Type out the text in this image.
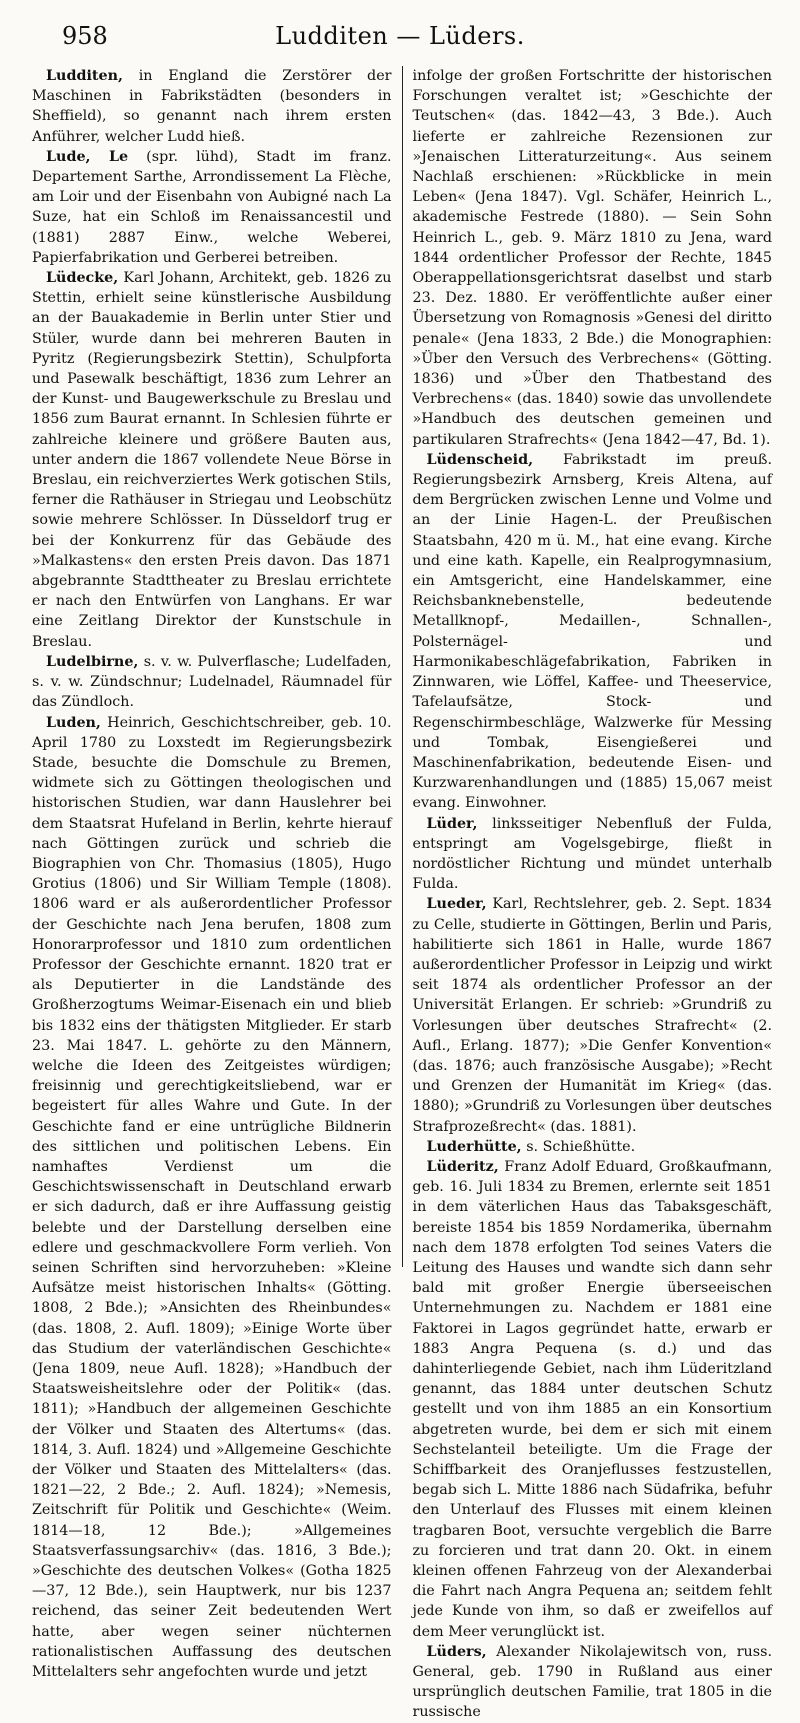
958	Ludditen — Lüders.

Ludditen, in England die Zerstörer der Maschinen in Fabrikstädten (besonders in Sheffield), so genannt nach ihrem ersten Anführer, welcher Ludd hieß.

Lude, Le (spr. lühd), Stadt im franz. Departement Sarthe, Arrondissement La Flèche, am Loir und der Eisenbahn von Aubigné nach La Suze, hat ein Schloß im Renaissancestil und (1881) 2887 Einw., welche Weberei, Papierfabrikation und Gerberei betreiben.

Lüdecke, Karl Johann, Architekt, geb. 1826 zu Stettin, erhielt seine künstlerische Ausbildung an der Bauakademie in Berlin unter Stier und Stüler, wurde dann bei mehreren Bauten in Pyritz (Regierungsbezirk Stettin), Schulpforta und Pasewalk beschäftigt, 1836 zum Lehrer an der Kunst- und Baugewerkschule zu Breslau und 1856 zum Baurat ernannt. In Schlesien führte er zahlreiche kleinere und größere Bauten aus, unter andern die 1867 vollendete Neue Börse in Breslau, ein reichverziertes Werk gotischen Stils, ferner die Rathäuser in Striegau und Leobschütz sowie mehrere Schlösser. In Düsseldorf trug er bei der Konkurrenz für das Gebäude des »Malkastens« den ersten Preis davon. Das 1871 abgebrannte Stadttheater zu Breslau errichtete er nach den Entwürfen von Langhans. Er war eine Zeitlang Direktor der Kunstschule in Breslau.

Ludelbirne, s. v. w. Pulverflasche; Ludelfaden, s. v. w. Zündschnur; Ludelnadel, Räumnadel für das Zündloch.

Luden, Heinrich, Geschichtschreiber, geb. 10. April 1780 zu Loxstedt im Regierungsbezirk Stade, besuchte die Domschule zu Bremen, widmete sich zu Göttingen theologischen und historischen Studien, war dann Hauslehrer bei dem Staatsrat Hufeland in Berlin, kehrte hierauf nach Göttingen zurück und schrieb die Biographien von Chr. Thomasius (1805), Hugo Grotius (1806) und Sir William Temple (1808). 1806 ward er als außerordentlicher Professor der Geschichte nach Jena berufen, 1808 zum Honorarprofessor und 1810 zum ordentlichen Professor der Geschichte ernannt. 1820 trat er als Deputierter in die Landstände des Großherzogtums Weimar-Eisenach ein und blieb bis 1832 eins der thätigsten Mitglieder. Er starb 23. Mai 1847. L. gehörte zu den Männern, welche die Ideen des Zeitgeistes würdigen; freisinnig und gerechtigkeitsliebend, war er begeistert für alles Wahre und Gute. In der Geschichte fand er eine untrügliche Bildnerin des sittlichen und politischen Lebens. Ein namhaftes Verdienst um die Geschichtswissenschaft in Deutschland erwarb er sich dadurch, daß er ihre Auffassung geistig belebte und der Darstellung derselben eine edlere und geschmackvollere Form verlieh. Von seinen Schriften sind hervorzuheben: »Kleine Aufsätze meist historischen Inhalts« (Götting. 1808, 2 Bde.); »Ansichten des Rheinbundes« (das. 1808, 2. Aufl. 1809); »Einige Worte über das Studium der vaterländischen Geschichte« (Jena 1809, neue Aufl. 1828); »Handbuch der Staatsweisheitslehre oder der Politik« (das. 1811); »Handbuch der allgemeinen Geschichte der Völker und Staaten des Altertums« (das. 1814, 3. Aufl. 1824) und »Allgemeine Geschichte der Völker und Staaten des Mittelalters« (das. 1821—22, 2 Bde.; 2. Aufl. 1824); »Nemesis, Zeitschrift für Politik und Geschichte« (Weim. 1814—18, 12 Bde.); »Allgemeines Staatsverfassungsarchiv« (das. 1816, 3 Bde.); »Geschichte des deutschen Volkes« (Gotha 1825—37, 12 Bde.), sein Hauptwerk, nur bis 1237 reichend, das seiner Zeit bedeutenden Wert hatte, aber wegen seiner nüchternen rationalistischen Auffassung des deutschen Mittelalters sehr angefochten wurde und jetzt

infolge der großen Fortschritte der historischen Forschungen veraltet ist; »Geschichte der Teutschen« (das. 1842—43, 3 Bde.). Auch lieferte er zahlreiche Rezensionen zur »Jenaischen Litteraturzeitung«. Aus seinem Nachlaß erschienen: »Rückblicke in mein Leben« (Jena 1847). Vgl. Schäfer, Heinrich L., akademische Festrede (1880). — Sein Sohn Heinrich L., geb. 9. März 1810 zu Jena, ward 1844 ordentlicher Professor der Rechte, 1845 Oberappellationsgerichtsrat daselbst und starb 23. Dez. 1880. Er veröffentlichte außer einer Übersetzung von Romagnosis »Genesi del diritto penale« (Jena 1833, 2 Bde.) die Monographien: »Über den Versuch des Verbrechens« (Götting. 1836) und »Über den Thatbestand des Verbrechens« (das. 1840) sowie das unvollendete »Handbuch des deutschen gemeinen und partikularen Strafrechts« (Jena 1842—47, Bd. 1).

Lüdenscheid, Fabrikstadt im preuß. Regierungsbezirk Arnsberg, Kreis Altena, auf dem Bergrücken zwischen Lenne und Volme und an der Linie Hagen-L. der Preußischen Staatsbahn, 420 m ü. M., hat eine evang. Kirche und eine kath. Kapelle, ein Realprogymnasium, ein Amtsgericht, eine Handelskammer, eine Reichsbanknebenstelle, bedeutende Metallknopf-, Medaillen-, Schnallen-, Polsternägel- und Harmonikabeschlägefabrikation, Fabriken in Zinnwaren, wie Löffel, Kaffee- und Theeservice, Tafelaufsätze, Stock- und Regenschirmbeschläge, Walzwerke für Messing und Tombak, Eisengießerei und Maschinenfabrikation, bedeutende Eisen- und Kurzwarenhandlungen und (1885) 15,067 meist evang. Einwohner.

Lüder, linksseitiger Nebenfluß der Fulda, entspringt am Vogelsgebirge, fließt in nordöstlicher Richtung und mündet unterhalb Fulda.

Lueder, Karl, Rechtslehrer, geb. 2. Sept. 1834 zu Celle, studierte in Göttingen, Berlin und Paris, habilitierte sich 1861 in Halle, wurde 1867 außerordentlicher Professor in Leipzig und wirkt seit 1874 als ordentlicher Professor an der Universität Erlangen. Er schrieb: »Grundriß zu Vorlesungen über deutsches Strafrecht« (2. Aufl., Erlang. 1877); »Die Genfer Konvention« (das. 1876; auch französische Ausgabe); »Recht und Grenzen der Humanität im Krieg« (das. 1880); »Grundriß zu Vorlesungen über deutsches Strafprozeßrecht« (das. 1881).

Luderhütte, s. Schießhütte.

Lüderitz, Franz Adolf Eduard, Großkaufmann, geb. 16. Juli 1834 zu Bremen, erlernte seit 1851 in dem väterlichen Haus das Tabaksgeschäft, bereiste 1854 bis 1859 Nordamerika, übernahm nach dem 1878 erfolgten Tod seines Vaters die Leitung des Hauses und wandte sich dann sehr bald mit großer Energie überseeischen Unternehmungen zu. Nachdem er 1881 eine Faktorei in Lagos gegründet hatte, erwarb er 1883 Angra Pequena (s. d.) und das dahinterliegende Gebiet, nach ihm Lüderitzland genannt, das 1884 unter deutschen Schutz gestellt und von ihm 1885 an ein Konsortium abgetreten wurde, bei dem er sich mit einem Sechstelanteil beteiligte. Um die Frage der Schiffbarkeit des Oranjeflusses festzustellen, begab sich L. Mitte 1886 nach Südafrika, befuhr den Unterlauf des Flusses mit einem kleinen tragbaren Boot, versuchte vergeblich die Barre zu forcieren und trat dann 20. Okt. in einem kleinen offenen Fahrzeug von der Alexanderbai die Fahrt nach Angra Pequena an; seitdem fehlt jede Kunde von ihm, so daß er zweifellos auf dem Meer verunglückt ist.

Lüders, Alexander Nikolajewitsch von, russ. General, geb. 1790 in Rußland aus einer ursprünglich deutschen Familie, trat 1805 in die russische
